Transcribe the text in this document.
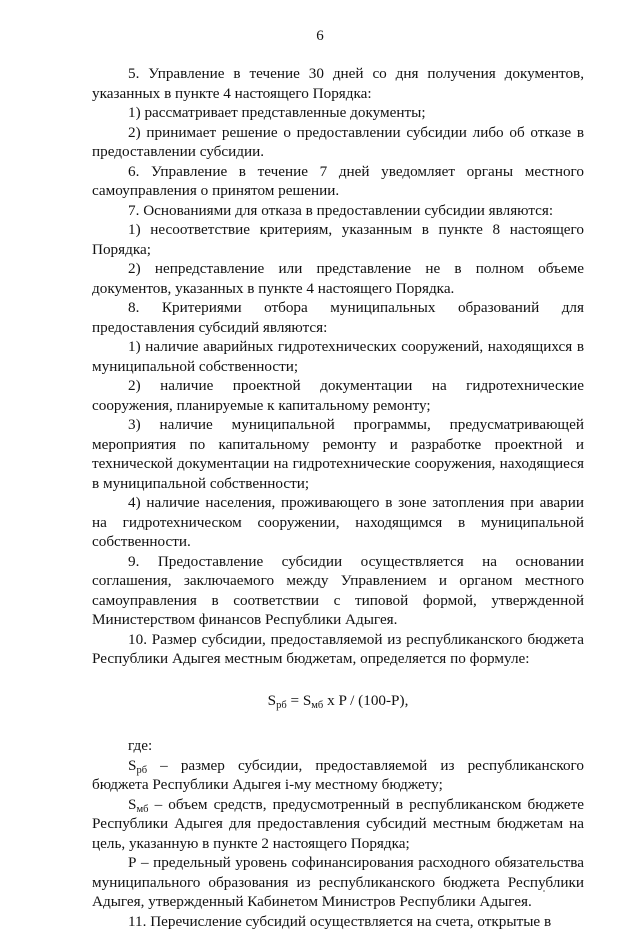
6

5. Управление в течение 30 дней со дня получения документов, указанных в пункте 4 настоящего Порядка:

1) рассматривает представленные документы;

2) принимает решение о предоставлении субсидии либо об отказе в предоставлении субсидии.

6. Управление в течение 7 дней уведомляет органы местного самоуправления о принятом решении.

7. Основаниями для отказа в предоставлении субсидии являются:

1) несоответствие критериям, указанным в пункте 8 настоящего Порядка;

2) непредставление или представление не в полном объеме документов, указанных в пункте 4 настоящего Порядка.

8. Критериями отбора муниципальных образований для предоставления субсидий являются:

1) наличие аварийных гидротехнических сооружений, находящихся в муниципальной собственности;

2) наличие проектной документации на гидротехнические сооружения, планируемые к капитальному ремонту;

3) наличие муниципальной программы, предусматривающей мероприятия по капитальному ремонту и разработке проектной и технической документации на гидротехнические сооружения, находящиеся в муниципальной собственности;

4) наличие населения, проживающего в зоне затопления при аварии на гидротехническом сооружении, находящимся в муниципальной собственности.

9. Предоставление субсидии осуществляется на основании соглашения, заключаемого между Управлением и органом местного самоуправления в соответствии с типовой формой, утвержденной Министерством финансов Республики Адыгея.

10. Размер субсидии, предоставляемой из республиканского бюджета Республики Адыгея местным бюджетам, определяется по формуле:

$S_{рб} = S_{мб}$ x P / (100-P),

где:

$S_{рб}$ – размер субсидии, предоставляемой из республиканского бюджета Республики Адыгея i-му местному бюджету;

$S_{мб}$ – объем средств, предусмотренный в республиканском бюджете Республики Адыгея для предоставления субсидий местным бюджетам на цель, указанную в пункте 2 настоящего Порядка;

Р – предельный уровень софинансирования расходного обязательства муниципального образования из республиканского бюджета Республики Адыгея, утвержденный Кабинетом Министров Республики Адыгея.

11. Перечисление субсидий осуществляется на счета, открытые в
